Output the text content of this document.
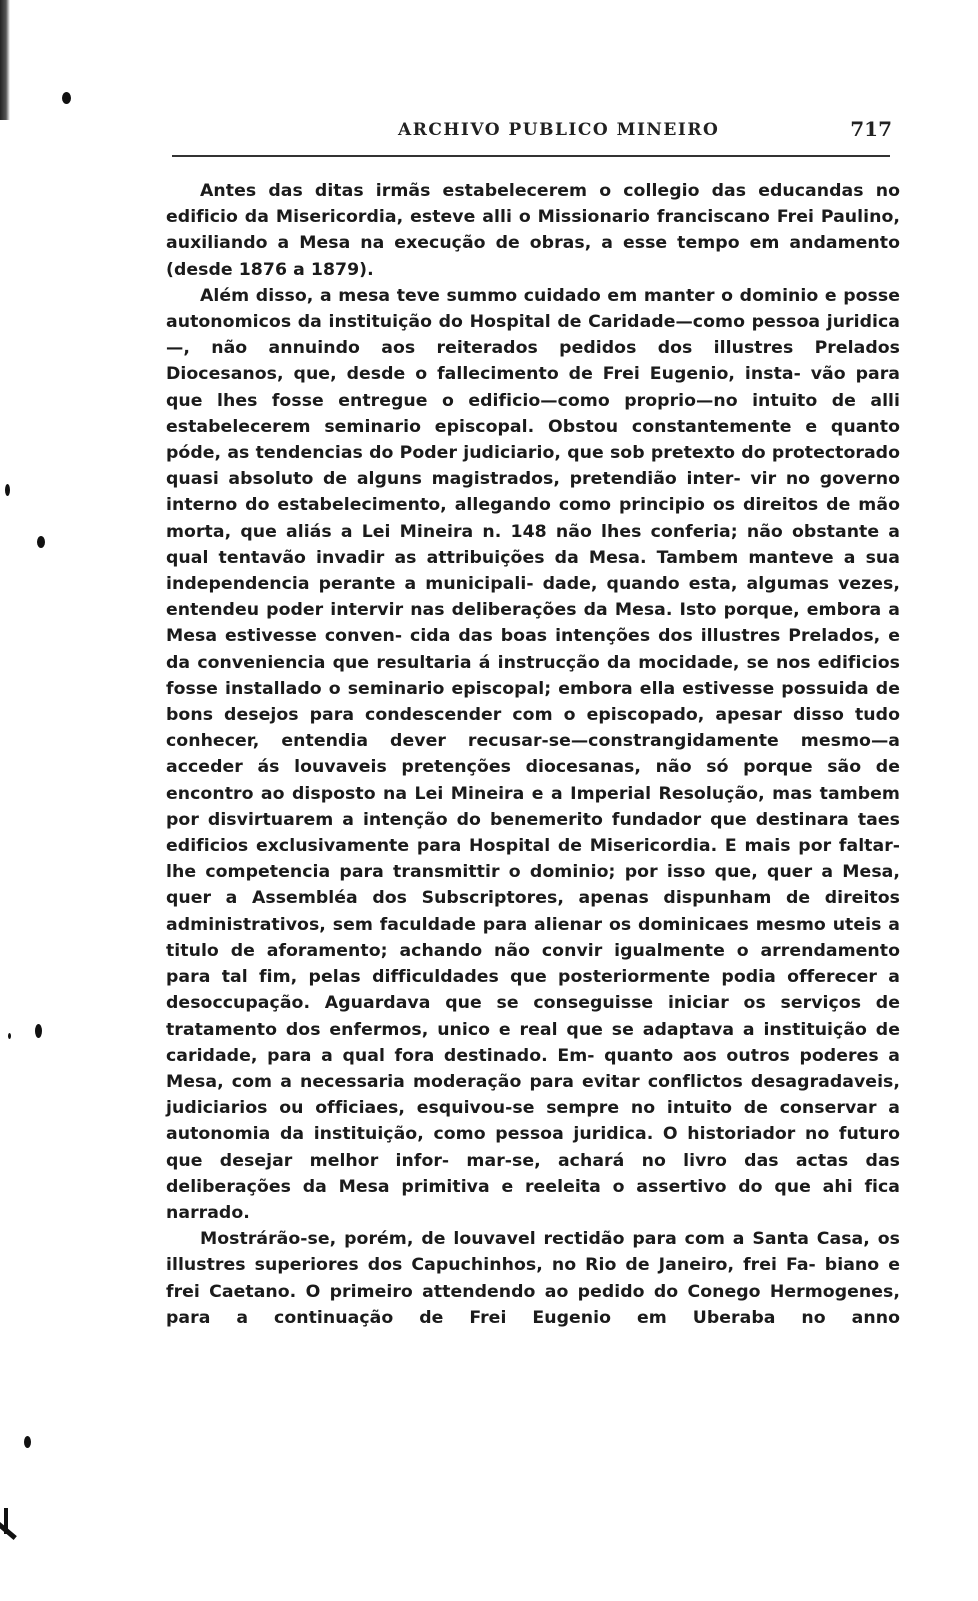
ARCHIVO PUBLICO MINEIRO	717

Antes das ditas irmãs estabelecerem o collegio das educandas no edificio da Misericordia, esteve alli o Missionario franciscano Frei Paulino, auxiliando a Mesa na execução de obras, a esse tempo em andamento (desde 1876 a 1879).

Além disso, a mesa teve summo cuidado em manter o dominio e posse autonomicos da instituição do Hospital de Caridade—como pessoa juridica —, não annuindo aos reiterados pedidos dos illustres Prelados Diocesanos, que, desde o fallecimento de Frei Eugenio, insta- vão para que lhes fosse entregue o edificio—como proprio—no intuito de alli estabelecerem seminario episcopal. Obstou constantemente e quanto póde, as tendencias do Poder judiciario, que sob pretexto do protectorado quasi absoluto de alguns magistrados, pretendião inter- vir no governo interno do estabelecimento, allegando como principio os direitos de mão morta, que aliás a Lei Mineira n. 148 não lhes conferia; não obstante a qual tentavão invadir as attribuições da Mesa. Tambem manteve a sua independencia perante a municipali- dade, quando esta, algumas vezes, entendeu poder intervir nas deliberações da Mesa. Isto porque, embora a Mesa estivesse conven- cida das boas intenções dos illustres Prelados, e da conveniencia que resultaria á instrucção da mocidade, se nos edificios fosse installado o seminario episcopal; embora ella estivesse possuida de bons desejos para condescender com o episcopado, apesar disso tudo conhecer, entendia dever recusar-se—constrangidamente mesmo—a acceder ás louvaveis pretenções diocesanas, não só porque são de encontro ao disposto na Lei Mineira e a Imperial Resolução, mas tambem por disvirtuarem a intenção do benemerito fundador que destinara taes edificios exclusivamente para Hospital de Misericordia. E mais por faltar-lhe competencia para transmittir o dominio; por isso que, quer a Mesa, quer a Assembléa dos Subscriptores, apenas dispunham de direitos administrativos, sem faculdade para alienar os dominicaes mesmo uteis a titulo de aforamento; achando não convir igualmente o arrendamento para tal fim, pelas difficuldades que posteriormente podia offerecer a desoccupação. Aguardava que se conseguisse iniciar os serviços de tratamento dos enfermos, unico e real que se adaptava a instituição de caridade, para a qual fora destinado. Em- quanto aos outros poderes a Mesa, com a necessaria moderação para evitar conflictos desagradaveis, judiciarios ou officiaes, esquivou-se sempre no intuito de conservar a autonomia da instituição, como pessoa juridica. O historiador no futuro que desejar melhor infor- mar-se, achará no livro das actas das deliberações da Mesa primitiva e reeleita o assertivo do que ahi fica narrado.

Mostrárão-se, porém, de louvavel rectidão para com a Santa Casa, os illustres superiores dos Capuchinhos, no Rio de Janeiro, frei Fa- biano e frei Caetano. O primeiro attendendo ao pedido do Conego Hermogenes, para a continuação de Frei Eugenio em Uberaba no anno
